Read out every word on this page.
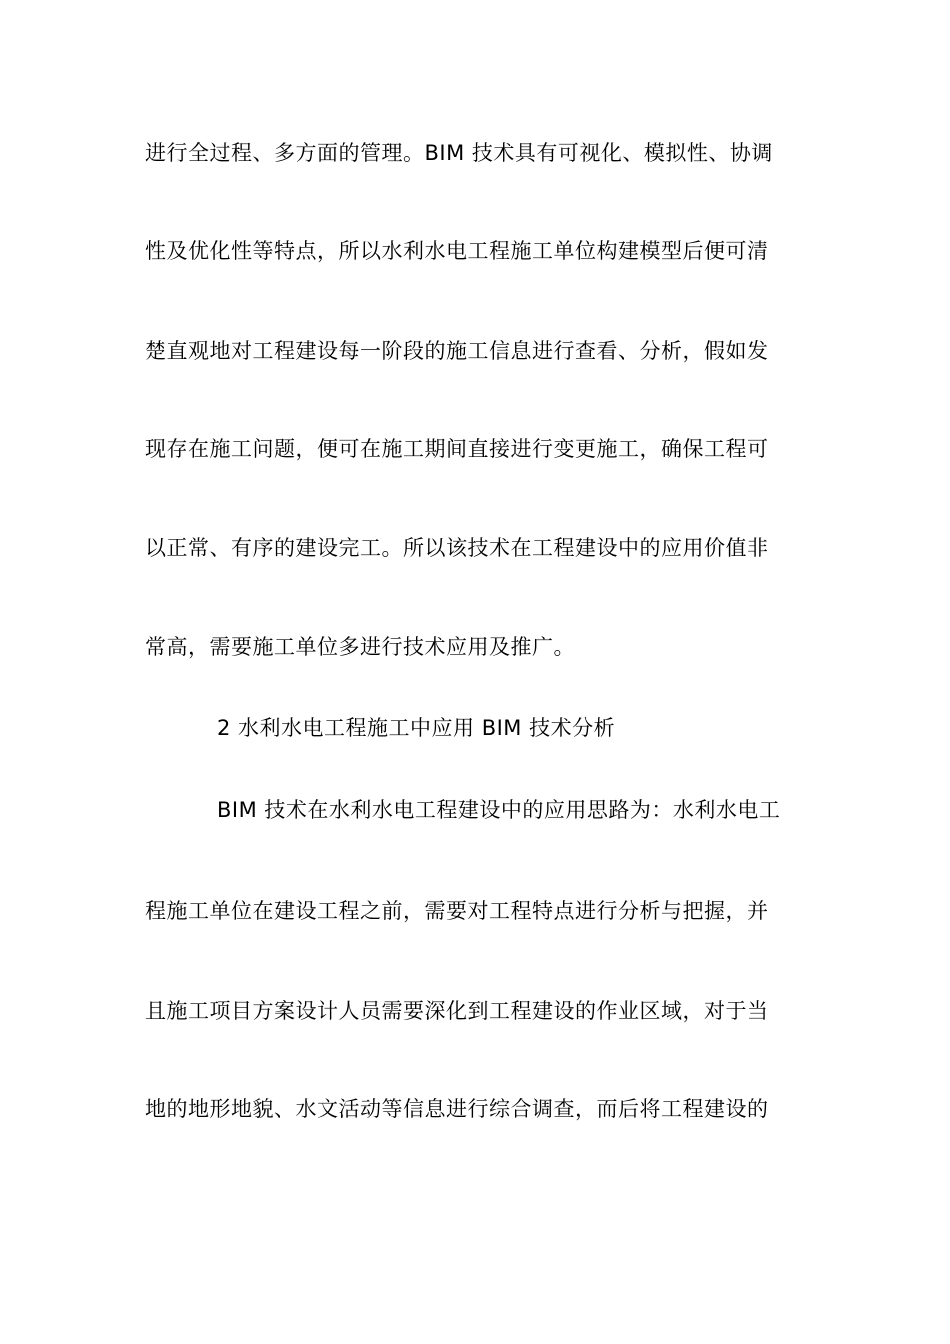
进行全过程、多方面的管理。BIM 技术具有可视化、模拟性、协调
性及优化性等特点，所以水利水电工程施工单位构建模型后便可清
楚直观地对工程建设每一阶段的施工信息进行查看、分析，假如发
现存在施工问题，便可在施工期间直接进行变更施工，确保工程可
以正常、有序的建设完工。所以该技术在工程建设中的应用价值非
常高，需要施工单位多进行技术应用及推广。
2 水利水电工程施工中应用 BIM 技术分析
BIM 技术在水利水电工程建设中的应用思路为：水利水电工
程施工单位在建设工程之前，需要对工程特点进行分析与把握，并
且施工项目方案设计人员需要深化到工程建设的作业区域，对于当
地的地形地貌、水文活动等信息进行综合调查，而后将工程建设的
